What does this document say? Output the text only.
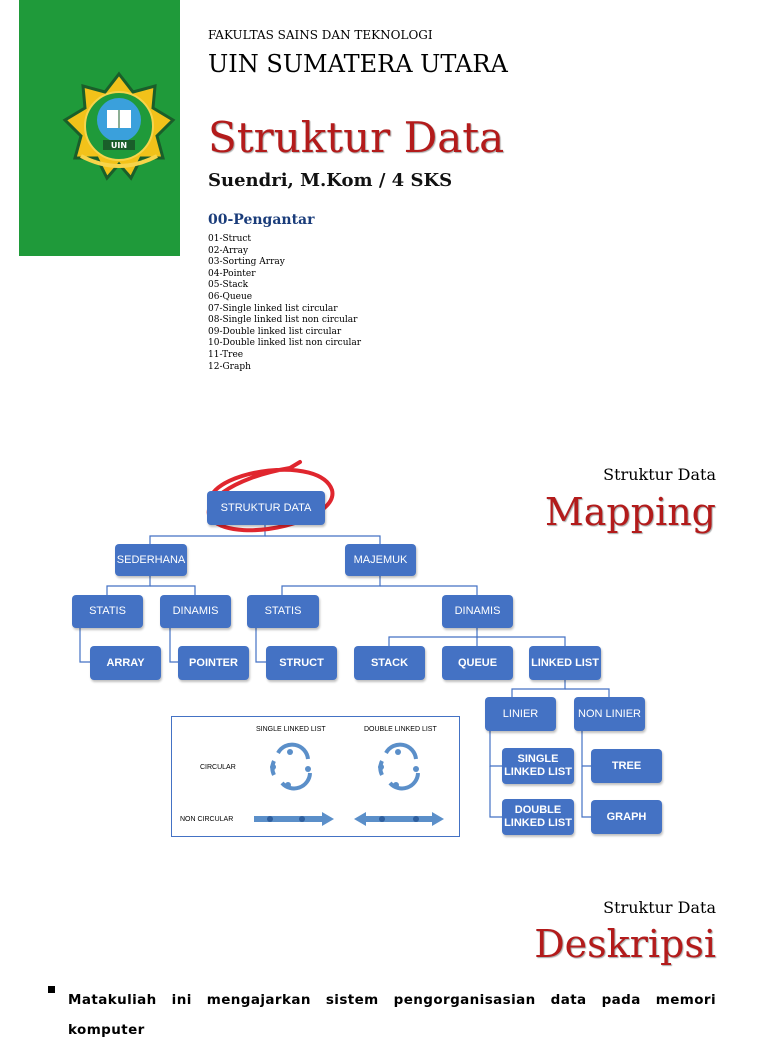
UIN
FAKULTAS SAINS DAN TEKNOLOGI
UIN SUMATERA UTARA
Struktur Data
Suendri, M.Kom / 4 SKS
00-Pengantar
01-Struct
02-Array
03-Sorting Array
04-Pointer
05-Stack
06-Queue
07-Single linked list circular
08-Single linked list non circular
09-Double linked list circular
10-Double linked list non circular
11-Tree
12-Graph
Struktur Data
Mapping
STRUKTUR DATA
SEDERHANA	MAJEMUK
STATIS	DINAMIS	STATIS	DINAMIS
ARRAY	POINTER	STRUCT	STACK	QUEUE	LINKED LIST
LINIER	NON LINIER
SINGLE LINKED LIST
TREE
DOUBLE LINKED LIST
GRAPH
SINGLE LINKED LIST	DOUBLE LINKED LIST
CIRCULAR
NON CIRCULAR
Struktur Data
Deskripsi
Matakuliah ini mengajarkan sistem pengorganisasian data pada memori komputer
